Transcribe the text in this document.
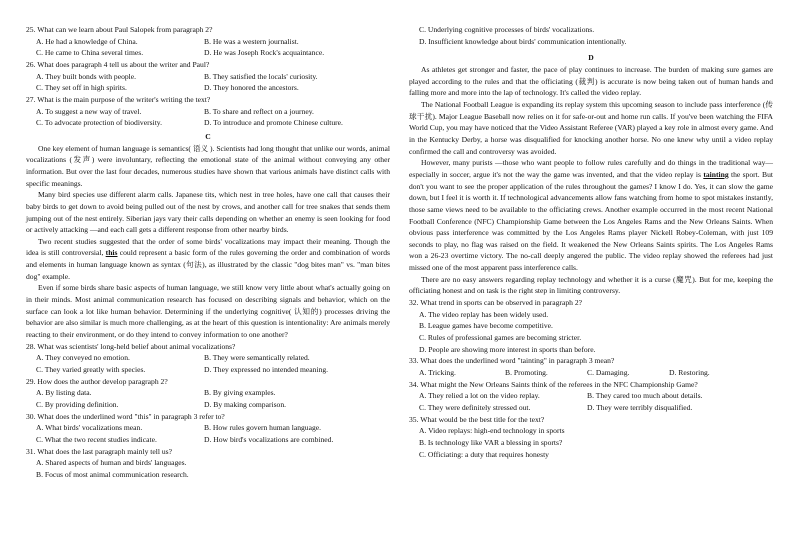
25. What can we learn about Paul Salopek from paragraph 2?
A. He had a knowledge of China.	B. He was a western journalist.
C. He came to China several times.	D. He was Joseph Rock's acquaintance.
26. What does paragraph 4 tell us about the writer and Paul?
A. They built bonds with people.	B. They satisfied the locals' curiosity.
C. They set off in high spirits.	D. They honored the ancestors.
27. What is the main purpose of the writer's writing the text?
A. To suggest a new way of travel.	B. To share and reflect on a journey.
C. To advocate protection of biodiversity.	D. To introduce and promote Chinese culture.
C
One key element of human language is semantics( 语义 ). Scientists had long thought that unlike our words, animal vocalizations (发声) were involuntary, reflecting the emotional state of the animal without conveying any other information. But over the last four decades, numerous studies have shown that various animals have distinct calls with specific meanings.
Many bird species use different alarm calls. Japanese tits, which nest in tree holes, have one call that causes their baby birds to get down to avoid being pulled out of the nest by crows, and another call for tree snakes that sends them jumping out of the nest entirely. Siberian jays vary their calls depending on whether an enemy is seen looking for food or actively attacking —and each call gets a different response from other nearby birds.
Two recent studies suggested that the order of some birds' vocalizations may impact their meaning. Though the idea is still controversial, this could represent a basic form of the rules governing the order and combination of words and elements in human language known as syntax (句法), as illustrated by the classic "dog bites man" vs. "man bites dog" example.
Even if some birds share basic aspects of human language, we still know very little about what's actually going on in their minds. Most animal communication research has focused on describing signals and behavior, which on the surface can look a lot like human behavior. Determining if the underlying cognitive( 认知的) processes driving the behavior are also similar is much more challenging, as at the heart of this question is intentionality: Are animals merely reacting to their environment, or do they intend to convey information to one another?
28. What was scientists' long-held belief about animal vocalizations?
A. They conveyed no emotion.	B. They were semantically related.
C. They varied greatly with species.	D. They expressed no intended meaning.
29. How does the author develop paragraph 2?
A. By listing data.	B. By giving examples.
C. By providing definition.	D. By making comparison.
30. What does the underlined word "this" in paragraph 3 refer to?
A. What birds' vocalizations mean.	B. How rules govern human language.
C. What the two recent studies indicate.	D. How bird's vocalizations are combined.
31. What does the last paragraph mainly tell us?
A. Shared aspects of human and birds' languages.
B. Focus of most animal communication research.
C. Underlying cognitive processes of birds' vocalizations.
D. Insufficient knowledge about birds' communication intentionally.
D
As athletes get stronger and faster, the pace of play continues to increase. The burden of making sure games are played according to the rules and that the officiating (裁判) is accurate is now being taken out of human hands and falling more and more into the lap of technology. It's called the video replay.
The National Football League is expanding its replay system this upcoming season to include pass interference (传球干扰). Major League Baseball now relies on it for safe-or-out and home run calls. If you've been watching the FIFA World Cup, you may have noticed that the Video Assistant Referee (VAR) played a key role in almost every game. And in the Kentucky Derby, a horse was disqualified for knocking another horse. No one knew why until a video replay confirmed the call and controversy was avoided.
However, many purists —those who want people to follow rules carefully and do things in the traditional way—especially in soccer, argue it's not the way the game was invented, and that the video replay is tainting the sport. But don't you want to see the proper application of the rules throughout the games? I know I do. Yes, it can slow the game down, but I feel it is worth it. If technological advancements allow fans watching from home to spot mistakes instantly, those same views need to be available to the officiating crews. Another example occurred in the most recent National Football Conference (NFC) Championship Game between the Los Angeles Rams and the New Orleans Saints. When obvious pass interference was committed by the Los Angeles Rams player Nickell Robey-Coleman, with just 109 seconds to play, no flag was raised on the field. It weakened the New Orleans Saints spirits. The Los Angeles Rams won a 26-23 overtime victory. The no-call deeply angered the public. The video replay showed the referees had just missed one of the most apparent pass interference calls.
There are no easy answers regarding replay technology and whether it is a curse (魔咒). But for me, keeping the officiating honest and on task is the right step in limiting controversy.
32. What trend in sports can be observed in paragraph 2?
A. The video replay has been widely used.
B. League games have become competitive.
C. Rules of professional games are becoming stricter.
D. People are showing more interest in sports than before.
33. What does the underlined word "tainting" in paragraph 3 mean?
A. Tricking.	B. Promoting.	C. Damaging.	D. Restoring.
34. What might the New Orleans Saints think of the referees in the NFC Championship Game?
A. They relied a lot on the video replay.	B. They cared too much about details.
C. They were definitely stressed out.	D. They were terribly disqualified.
35. What would be the best title for the text?
A. Video replays: high-end technology in sports
B. Is technology like VAR a blessing in sports?
C. Officiating: a duty that requires honesty
